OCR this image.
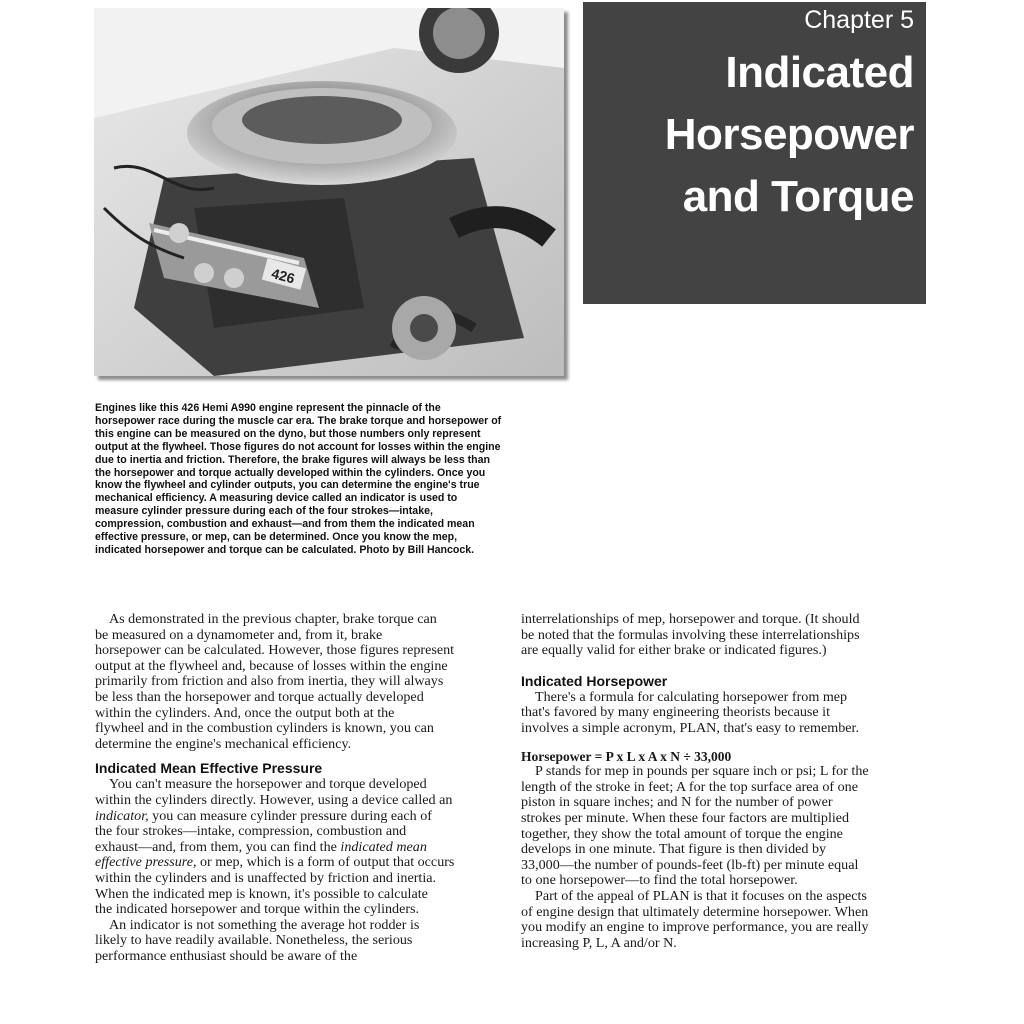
426
Chapter 5
Indicated
Horsepower
and Torque
Engines like this 426 Hemi A990 engine represent the pinnacle of the
horsepower race during the muscle car era. The brake torque and horsepower of
this engine can be measured on the dyno, but those numbers only represent
output at the flywheel. Those figures do not account for losses within the engine
due to inertia and friction. Therefore, the brake figures will always be less than
the horsepower and torque actually developed within the cylinders. Once you
know the flywheel and cylinder outputs, you can determine the engine's true
mechanical efficiency. A measuring device called an indicator is used to
measure cylinder pressure during each of the four strokes—intake,
compression, combustion and exhaust—and from them the indicated mean
effective pressure, or mep, can be determined. Once you know the mep,
indicated horsepower and torque can be calculated. Photo by Bill Hancock.
As demonstrated in the previous chapter, brake torque can
be measured on a dynamometer and, from it, brake
horsepower can be calculated. However, those figures represent
output at the flywheel and, because of losses within the engine
primarily from friction and also from inertia, they will always
be less than the horsepower and torque actually developed
within the cylinders. And, once the output both at the
flywheel and in the combustion cylinders is known, you can
determine the engine's mechanical efficiency.
Indicated Mean Effective Pressure
You can't measure the horsepower and torque developed
within the cylinders directly. However, using a device called an
indicator, you can measure cylinder pressure during each of
the four strokes—intake, compression, combustion and
exhaust—and, from them, you can find the indicated mean
effective pressure, or mep, which is a form of output that occurs
within the cylinders and is unaffected by friction and inertia.
When the indicated mep is known, it's possible to calculate
the indicated horsepower and torque within the cylinders.
An indicator is not something the average hot rodder is
likely to have readily available. Nonetheless, the serious
performance enthusiast should be aware of the
interrelationships of mep, horsepower and torque. (It should
be noted that the formulas involving these interrelationships
are equally valid for either brake or indicated figures.)
Indicated Horsepower
There's a formula for calculating horsepower from mep
that's favored by many engineering theorists because it
involves a simple acronym, PLAN, that's easy to remember.
Horsepower = P x L x A x N ÷ 33,000
P stands for mep in pounds per square inch or psi; L for the
length of the stroke in feet; A for the top surface area of one
piston in square inches; and N for the number of power
strokes per minute. When these four factors are multiplied
together, they show the total amount of torque the engine
develops in one minute. That figure is then divided by
33,000—the number of pounds-feet (lb-ft) per minute equal
to one horsepower—to find the total horsepower.
Part of the appeal of PLAN is that it focuses on the aspects
of engine design that ultimately determine horsepower. When
you modify an engine to improve performance, you are really
increasing P, L, A and/or N.
